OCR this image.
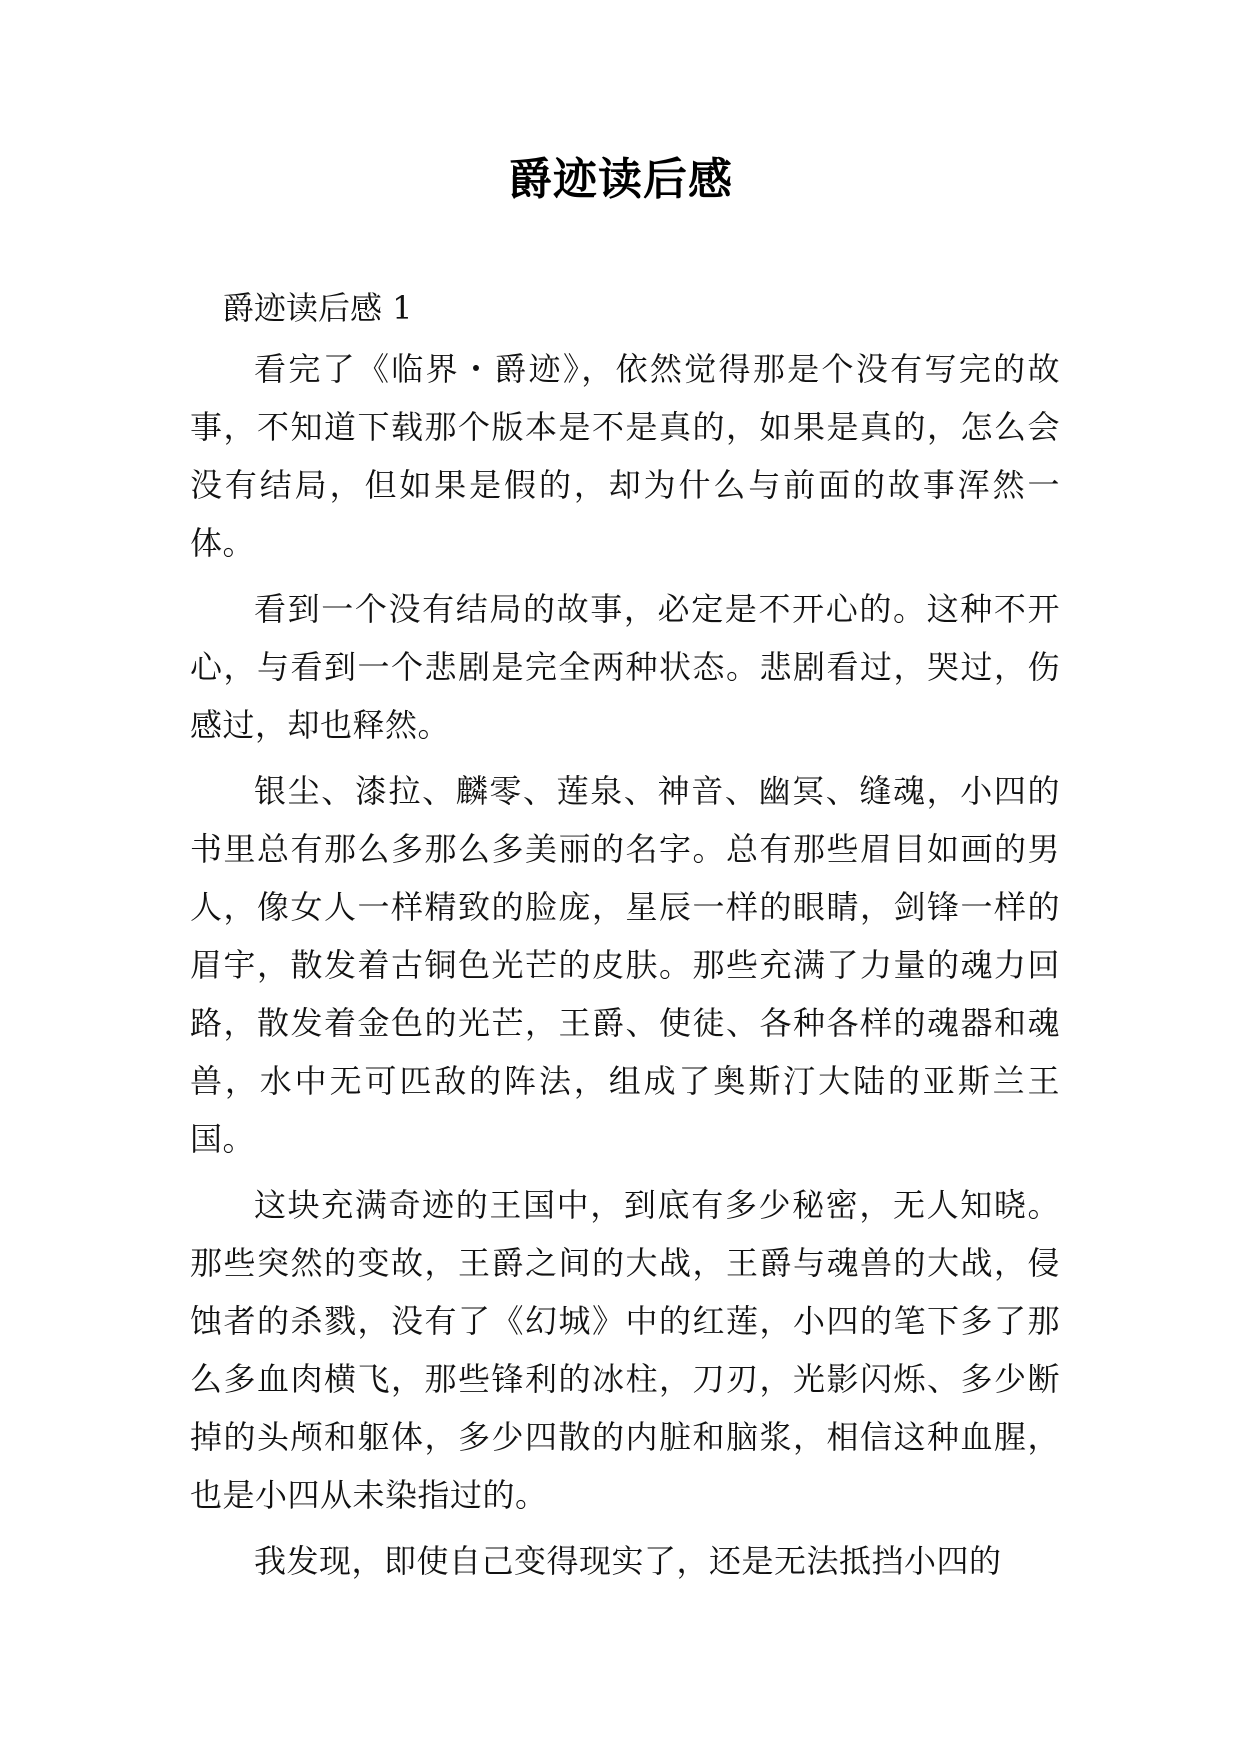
爵迹读后感

爵迹读后感 1

看完了《临界・爵迹》，依然觉得那是个没有写完的故事，不知道下载那个版本是不是真的，如果是真的，怎么会没有结局，但如果是假的，却为什么与前面的故事浑然一体。

看到一个没有结局的故事，必定是不开心的。这种不开心，与看到一个悲剧是完全两种状态。悲剧看过，哭过，伤感过，却也释然。

银尘、漆拉、麟零、莲泉、神音、幽冥、缝魂，小四的书里总有那么多那么多美丽的名字。总有那些眉目如画的男人，像女人一样精致的脸庞，星辰一样的眼睛，剑锋一样的眉宇，散发着古铜色光芒的皮肤。那些充满了力量的魂力回路，散发着金色的光芒，王爵、使徒、各种各样的魂器和魂兽，水中无可匹敌的阵法，组成了奥斯汀大陆的亚斯兰王国。

这块充满奇迹的王国中，到底有多少秘密，无人知晓。那些突然的变故，王爵之间的大战，王爵与魂兽的大战，侵蚀者的杀戮，没有了《幻城》中的红莲，小四的笔下多了那么多血肉横飞，那些锋利的冰柱，刀刃，光影闪烁、多少断掉的头颅和躯体，多少四散的内脏和脑浆，相信这种血腥，也是小四从未染指过的。

我发现，即使自己变得现实了，还是无法抵挡小四的
